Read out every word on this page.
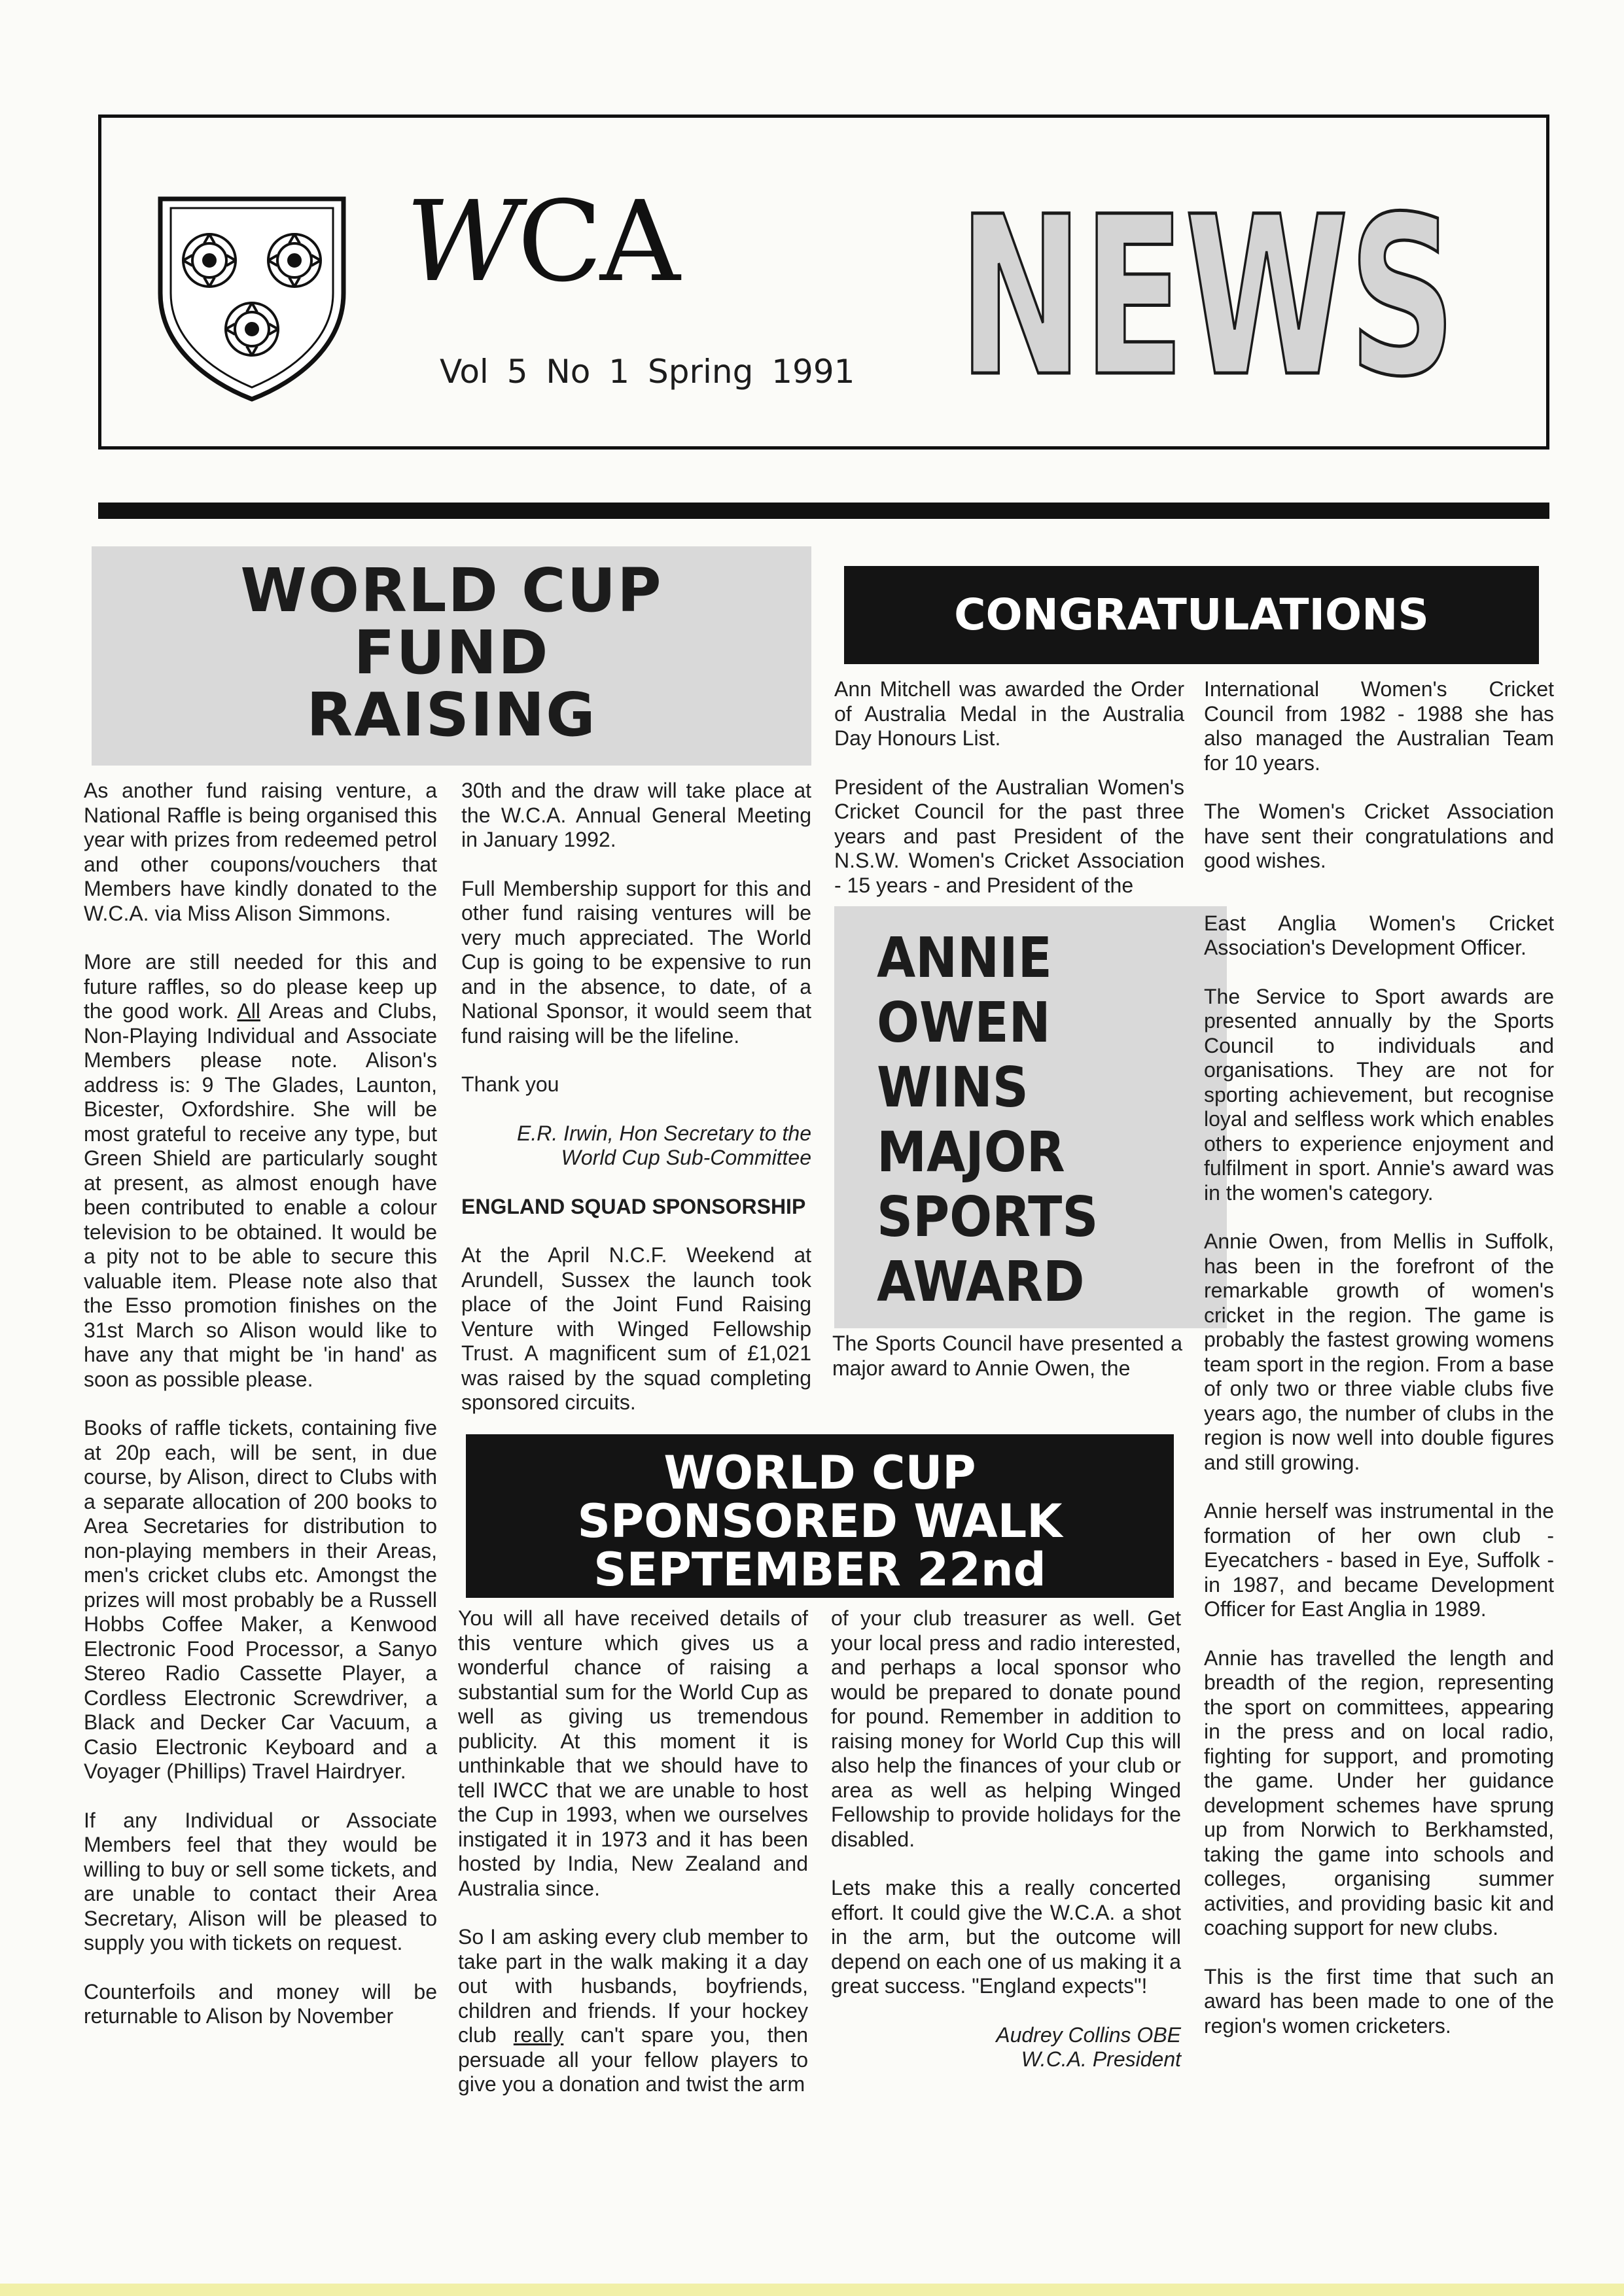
WCA
Vol 5 No 1 Spring 1991 NEWS
WORLD CUP
FUND
RAISING

As another fund raising venture, a National Raffle is being organised this year with prizes from redeemed petrol and other coupons/vouchers that Members have kindly donated to the W.C.A. via Miss Alison Simmons.

More are still needed for this and future raffles, so do please keep up the good work. All Areas and Clubs, Non-Playing Individual and Associate Members please note. Alison's address is: 9 The Glades, Launton, Bicester, Oxfordshire. She will be most grateful to receive any type, but Green Shield are particularly sought at present, as almost enough have been contributed to enable a colour television to be obtained. It would be a pity not to be able to secure this valuable item. Please note also that the Esso promotion finishes on the 31st March so Alison would like to have any that might be 'in hand' as soon as possible please.

Books of raffle tickets, containing five at 20p each, will be sent, in due course, by Alison, direct to Clubs with a separate allocation of 200 books to Area Secretaries for distribution to non-playing members in their Areas, men's cricket clubs etc. Amongst the prizes will most probably be a Russell Hobbs Coffee Maker, a Kenwood Electronic Food Processor, a Sanyo Stereo Radio Cassette Player, a Cordless Electronic Screwdriver, a Black and Decker Car Vacuum, a Casio Electronic Keyboard and a Voyager (Phillips) Travel Hairdryer.

If any Individual or Associate Members feel that they would be willing to buy or sell some tickets, and are unable to contact their Area Secretary, Alison will be pleased to supply you with tickets on request.

Counterfoils and money will be returnable to Alison by November

30th and the draw will take place at the W.C.A. Annual General Meeting in January 1992.

Full Membership support for this and other fund raising ventures will be very much appreciated. The World Cup is going to be expensive to run and in the absence, to date, of a National Sponsor, it would seem that fund raising will be the lifeline.

Thank you

E.R. Irwin, Hon Secretary to the World Cup Sub-Committee

ENGLAND SQUAD SPONSORSHIP

At the April N.C.F. Weekend at Arundell, Sussex the launch took place of the Joint Fund Raising Venture with Winged Fellowship Trust. A magnificent sum of £1,021 was raised by the squad completing sponsored circuits.

CONGRATULATIONS

Ann Mitchell was awarded the Order of Australia Medal in the Australia Day Honours List.

President of the Australian Women's Cricket Council for the past three years and past President of the N.S.W. Women's Cricket Association - 15 years - and President of the

ANNIE
OWEN
WINS
MAJOR
SPORTS
AWARD

The Sports Council have presented a major award to Annie Owen, the

International Women's Cricket Council from 1982 - 1988 she has also managed the Australian Team for 10 years.

The Women's Cricket Association have sent their congratulations and good wishes.

East Anglia Women's Cricket Association's Development Officer.

The Service to Sport awards are presented annually by the Sports Council to individuals and organisations. They are not for sporting achievement, but recognise loyal and selfless work which enables others to experience enjoyment and fulfilment in sport. Annie's award was in the women's category.

Annie Owen, from Mellis in Suffolk, has been in the forefront of the remarkable growth of women's cricket in the region. The game is probably the fastest growing womens team sport in the region. From a base of only two or three viable clubs five years ago, the number of clubs in the region is now well into double figures and still growing.

Annie herself was instrumental in the formation of her own club - Eyecatchers - based in Eye, Suffolk - in 1987, and became Development Officer for East Anglia in 1989.

Annie has travelled the length and breadth of the region, representing the sport on committees, appearing in the press and on local radio, fighting for support, and promoting the game. Under her guidance development schemes have sprung up from Norwich to Berkhamsted, taking the game into schools and colleges, organising summer activities, and providing basic kit and coaching support for new clubs.

This is the first time that such an award has been made to one of the region's women cricketers.

WORLD CUP
SPONSORED WALK
SEPTEMBER 22nd

You will all have received details of this venture which gives us a wonderful chance of raising a substantial sum for the World Cup as well as giving us tremendous publicity. At this moment it is unthinkable that we should have to tell IWCC that we are unable to host the Cup in 1993, when we ourselves instigated it in 1973 and it has been hosted by India, New Zealand and Australia since.

So I am asking every club member to take part in the walk making it a day out with husbands, boyfriends, children and friends. If your hockey club really can't spare you, then persuade all your fellow players to give you a donation and twist the arm

of your club treasurer as well. Get your local press and radio interested, and perhaps a local sponsor who would be prepared to donate pound for pound. Remember in addition to raising money for World Cup this will also help the finances of your club or area as well as helping Winged Fellowship to provide holidays for the disabled.

Lets make this a really concerted effort. It could give the W.C.A. a shot in the arm, but the outcome will depend on each one of us making it a great success. "England expects"!

Audrey Collins OBE

W.C.A. President
